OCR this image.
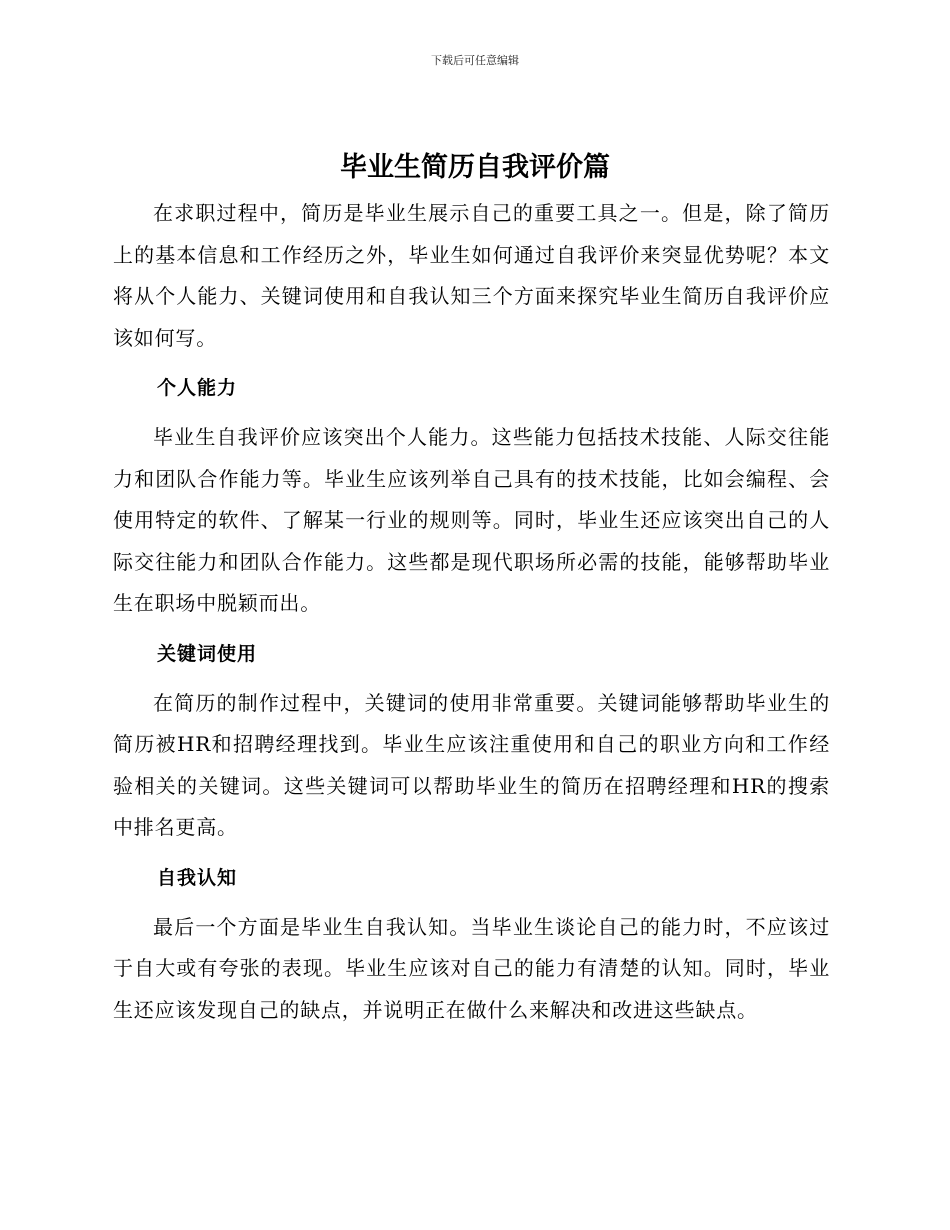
下载后可任意编辑
毕业生简历自我评价篇

在求职过程中，简历是毕业生展示自己的重要工具之一。但是，除了简历上的基本信息和工作经历之外，毕业生如何通过自我评价来突显优势呢？本文将从个人能力、关键词使用和自我认知三个方面来探究毕业生简历自我评价应该如何写。

个人能力

毕业生自我评价应该突出个人能力。这些能力包括技术技能、人际交往能力和团队合作能力等。毕业生应该列举自己具有的技术技能，比如会编程、会使用特定的软件、了解某一行业的规则等。同时，毕业生还应该突出自己的人际交往能力和团队合作能力。这些都是现代职场所必需的技能，能够帮助毕业生在职场中脱颖而出。

关键词使用

在简历的制作过程中，关键词的使用非常重要。关键词能够帮助毕业生的简历被HR和招聘经理找到。毕业生应该注重使用和自己的职业方向和工作经验相关的关键词。这些关键词可以帮助毕业生的简历在招聘经理和HR的搜索中排名更高。

自我认知

最后一个方面是毕业生自我认知。当毕业生谈论自己的能力时，不应该过于自大或有夸张的表现。毕业生应该对自己的能力有清楚的认知。同时，毕业生还应该发现自己的缺点，并说明正在做什么来解决和改进这些缺点。
